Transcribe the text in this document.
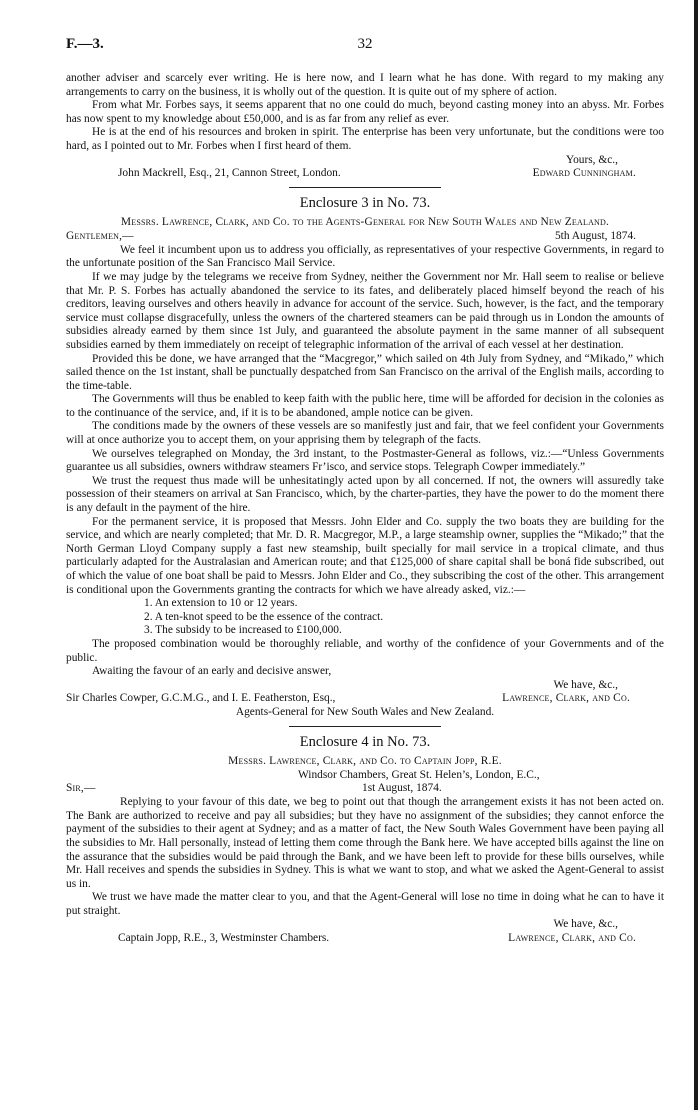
F.—3.	32

another adviser and scarcely ever writing. He is here now, and I learn what he has done. With regard to my making any arrangements to carry on the business, it is wholly out of the question. It is quite out of my sphere of action.

From what Mr. Forbes says, it seems apparent that no one could do much, beyond casting money into an abyss. Mr. Forbes has now spent to my knowledge about £50,000, and is as far from any relief as ever.

He is at the end of his resources and broken in spirit. The enterprise has been very unfortunate, but the conditions were too hard, as I pointed out to Mr. Forbes when I first heard of them.

Yours, &c.,

John Mackrell, Esq., 21, Cannon Street, London.	Edward Cunningham.
Enclosure 3 in No. 73.
Messrs. Lawrence, Clark, and Co. to the Agents-General for New South Wales and New Zealand.
Gentlemen,—	5th August, 1874.

We feel it incumbent upon us to address you officially, as representatives of your respective Governments, in regard to the unfortunate position of the San Francisco Mail Service.

If we may judge by the telegrams we receive from Sydney, neither the Government nor Mr. Hall seem to realise or believe that Mr. P. S. Forbes has actually abandoned the service to its fates, and deliberately placed himself beyond the reach of his creditors, leaving ourselves and others heavily in advance for account of the service. Such, however, is the fact, and the temporary service must collapse disgracefully, unless the owners of the chartered steamers can be paid through us in London the amounts of subsidies already earned by them since 1st July, and guaranteed the absolute payment in the same manner of all subsequent subsidies earned by them immediately on receipt of telegraphic information of the arrival of each vessel at her destination.

Provided this be done, we have arranged that the “Macgregor,” which sailed on 4th July from Sydney, and “Mikado,” which sailed thence on the 1st instant, shall be punctually despatched from San Francisco on the arrival of the English mails, according to the time-table.

The Governments will thus be enabled to keep faith with the public here, time will be afforded for decision in the colonies as to the continuance of the service, and, if it is to be abandoned, ample notice can be given.

The conditions made by the owners of these vessels are so manifestly just and fair, that we feel confident your Governments will at once authorize you to accept them, on your apprising them by telegraph of the facts.

We ourselves telegraphed on Monday, the 3rd instant, to the Postmaster-General as follows, viz.:—“Unless Governments guarantee us all subsidies, owners withdraw steamers Fr’isco, and service stops. Telegraph Cowper immediately.”

We trust the request thus made will be unhesitatingly acted upon by all concerned. If not, the owners will assuredly take possession of their steamers on arrival at San Francisco, which, by the charter-parties, they have the power to do the moment there is any default in the payment of the hire.

For the permanent service, it is proposed that Messrs. John Elder and Co. supply the two boats they are building for the service, and which are nearly completed; that Mr. D. R. Macgregor, M.P., a large steamship owner, supplies the “Mikado;” that the North German Lloyd Company supply a fast new steamship, built specially for mail service in a tropical climate, and thus particularly adapted for the Australasian and American route; and that £125,000 of share capital shall be boná fide subscribed, out of which the value of one boat shall be paid to Messrs. John Elder and Co., they subscribing the cost of the other. This arrangement is conditional upon the Governments granting the contracts for which we have already asked, viz.:—

1. An extension to 10 or 12 years.
2. A ten-knot speed to be the essence of the contract.
3. The subsidy to be increased to £100,000.

The proposed combination would be thoroughly reliable, and worthy of the confidence of your Governments and of the public.

Awaiting the favour of an early and decisive answer,

We have, &c.,

Sir Charles Cowper, G.C.M.G., and I. E. Featherston, Esq.,	Lawrence, Clark, and Co.
Agents-General for New South Wales and New Zealand.
Enclosure 4 in No. 73.
Messrs. Lawrence, Clark, and Co. to Captain Jopp, R.E.
Windsor Chambers, Great St. Helen’s, London, E.C.,
Sir,—	1st August, 1874.

Replying to your favour of this date, we beg to point out that though the arrangement exists it has not been acted on. The Bank are authorized to receive and pay all subsidies; but they have no assignment of the subsidies; they cannot enforce the payment of the subsidies to their agent at Sydney; and as a matter of fact, the New South Wales Government have been paying all the subsidies to Mr. Hall personally, instead of letting them come through the Bank here. We have accepted bills against the line on the assurance that the subsidies would be paid through the Bank, and we have been left to provide for these bills ourselves, while Mr. Hall receives and spends the subsidies in Sydney. This is what we want to stop, and what we asked the Agent-General to assist us in.

We trust we have made the matter clear to you, and that the Agent-General will lose no time in doing what he can to have it put straight.

We have, &c.,

Captain Jopp, R.E., 3, Westminster Chambers.	Lawrence, Clark, and Co.
